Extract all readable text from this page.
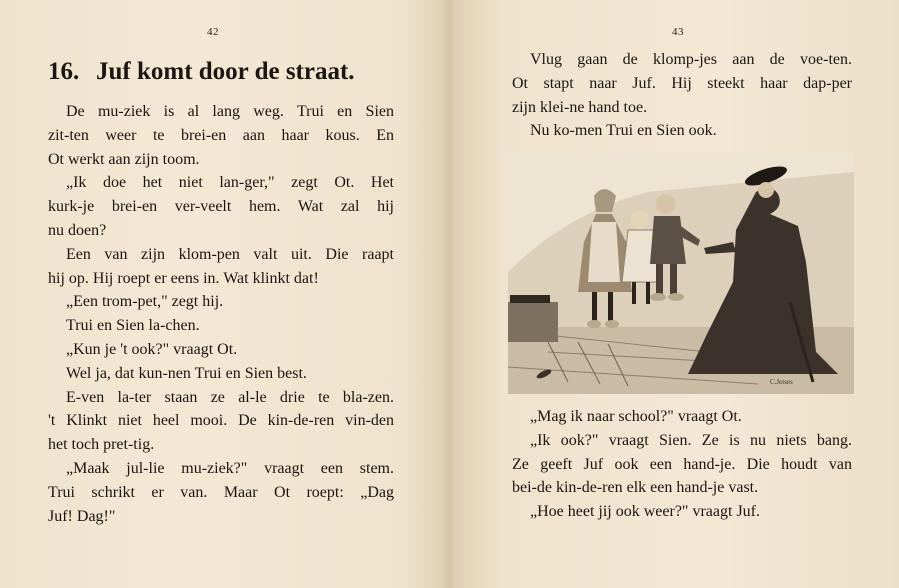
42
16. Juf komt door de straat.
De mu-ziek is al lang weg. Trui en Sien
zit-ten weer te brei-en aan haar kous. En
Ot werkt aan zijn toom.
„Ik doe het niet lan-ger," zegt Ot. Het
kurk-je brei-en ver-veelt hem. Wat zal hij
nu doen?
Een van zijn klom-pen valt uit. Die raapt
hij op. Hij roept er eens in. Wat klinkt dat!
„Een trom-pet," zegt hij.
Trui en Sien la-chen.
„Kun je 't ook?" vraagt Ot.
Wel ja, dat kun-nen Trui en Sien best.
E-ven la-ter staan ze al-le drie te bla-zen.
't Klinkt niet heel mooi. De kin-de-ren vin-den
het toch pret-tig.
„Maak jul-lie mu-ziek?" vraagt een stem.
Trui schrikt er van. Maar Ot roept: „Dag
Juf! Dag!"
43
Vlug gaan de klomp-jes aan de voe-ten.
Ot stapt naar Juf. Hij steekt haar dap-per
zijn klei-ne hand toe.
Nu ko-men Trui en Sien ook.
C.Jetses
„Mag ik naar school?" vraagt Ot.
„Ik ook?" vraagt Sien. Ze is nu niets bang.
Ze geeft Juf ook een hand-je. Die houdt van
bei-de kin-de-ren elk een hand-je vast.
„Hoe heet jij ook weer?" vraagt Juf.
